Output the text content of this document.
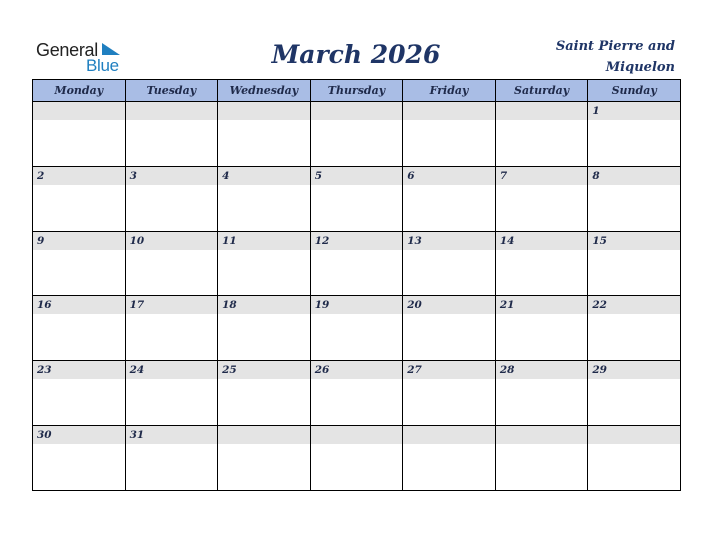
General
Blue	March 2026	Saint Pierre and Miquelon
Monday	Tuesday	Wednesday	Thursday	Friday	Saturday	Sunday

						1

2	3	4	5	6	7	8

9	10	11	12	13	14	15

16	17	18	19	20	21	22

23	24	25	26	27	28	29

30	31					
